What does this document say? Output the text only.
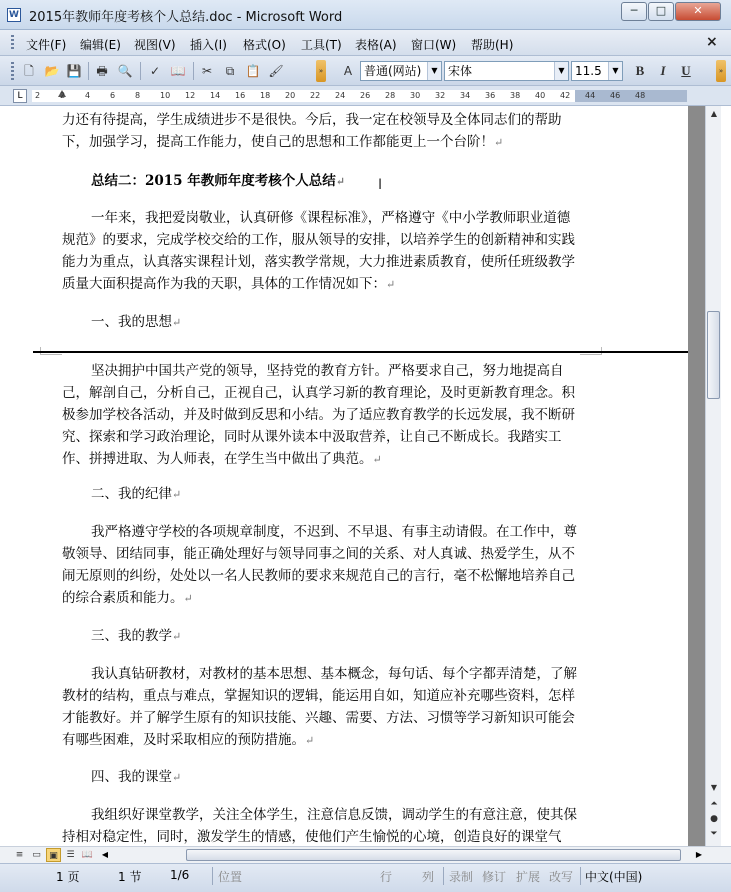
W 2015年教师年度考核个人总结.doc - Microsoft Word	─	□	✕
文件(F) 编辑(E) 视图(V) 插入(I) 格式(O) 工具(T) 表格(A) 窗口(W) 帮助(H)	×
🗋 📂 💾 🖶 🔍 ✓ 📖 ✂	⧉ 📋 🖌	»	A 普通(网站)	▼ 宋体	▼ 11.5	▼ B	I	U	»
L	2 2 4 6 8 10 12 14 16 18 20 22 24 26 28 30 32 34 36 38 40 42 44 46 48
力还有待提高，学生成绩进步不是很快。今后，我一定在校领导及全体同志们的帮助下，加强学习，提高工作能力，使自己的思想和工作都能更上一个台阶！↵
总结二：2015 年教师年度考核个人总结↵
一年来，我把爱岗敬业，认真研修《课程标准》，严格遵守《中小学教师职业道德规范》的要求，完成学校交给的工作，服从领导的安排，以培养学生的创新精神和实践能力为重点，认真落实课程计划，落实教学常规，大力推进素质教育，使所任班级教学质量大面积提高作为我的天职，具体的工作情况如下：↵
一、我的思想↵
坚决拥护中国共产党的领导，坚持党的教育方针。严格要求自己，努力地提高自己，解剖自己，分析自己，正视自己，认真学习新的教育理论，及时更新教育理念。积极参加学校各活动，并及时做到反思和小结。为了适应教育教学的长远发展，我不断研究、探索和学习政治理论，同时从课外读本中汲取营养，让自己不断成长。我踏实工作、拼搏进取、为人师表，在学生当中做出了典范。↵
二、我的纪律↵
我严格遵守学校的各项规章制度，不迟到、不早退、有事主动请假。在工作中，尊敬领导、团结同事，能正确处理好与领导同事之间的关系、对人真诚、热爱学生，从不闹无原则的纠纷，处处以一名人民教师的要求来规范自己的言行，毫不松懈地培养自己的综合素质和能力。↵
三、我的教学↵
我认真钻研教材，对教材的基本思想、基本概念，每句话、每个字都弄清楚，了解教材的结构，重点与难点，掌握知识的逻辑，能运用自如，知道应补充哪些资料，怎样才能教好。并了解学生原有的知识技能、兴趣、需要、方法、习惯等学习新知识可能会有哪些困难，及时采取相应的预防措施。↵
四、我的课堂↵
我组织好课堂教学，关注全体学生，注意信息反馈，调动学生的有意注意，使其保持相对稳定性，同时，激发学生的情感，使他们产生愉悦的心境，创造良好的课堂气
I
▲
▼
⏶
●
⏷
≡ ▭ ▣ ☰ 📖	◀	▶
1 页	1 节 1/6 位置	行 列 录制 修订 扩展 改写 中文(中国)
